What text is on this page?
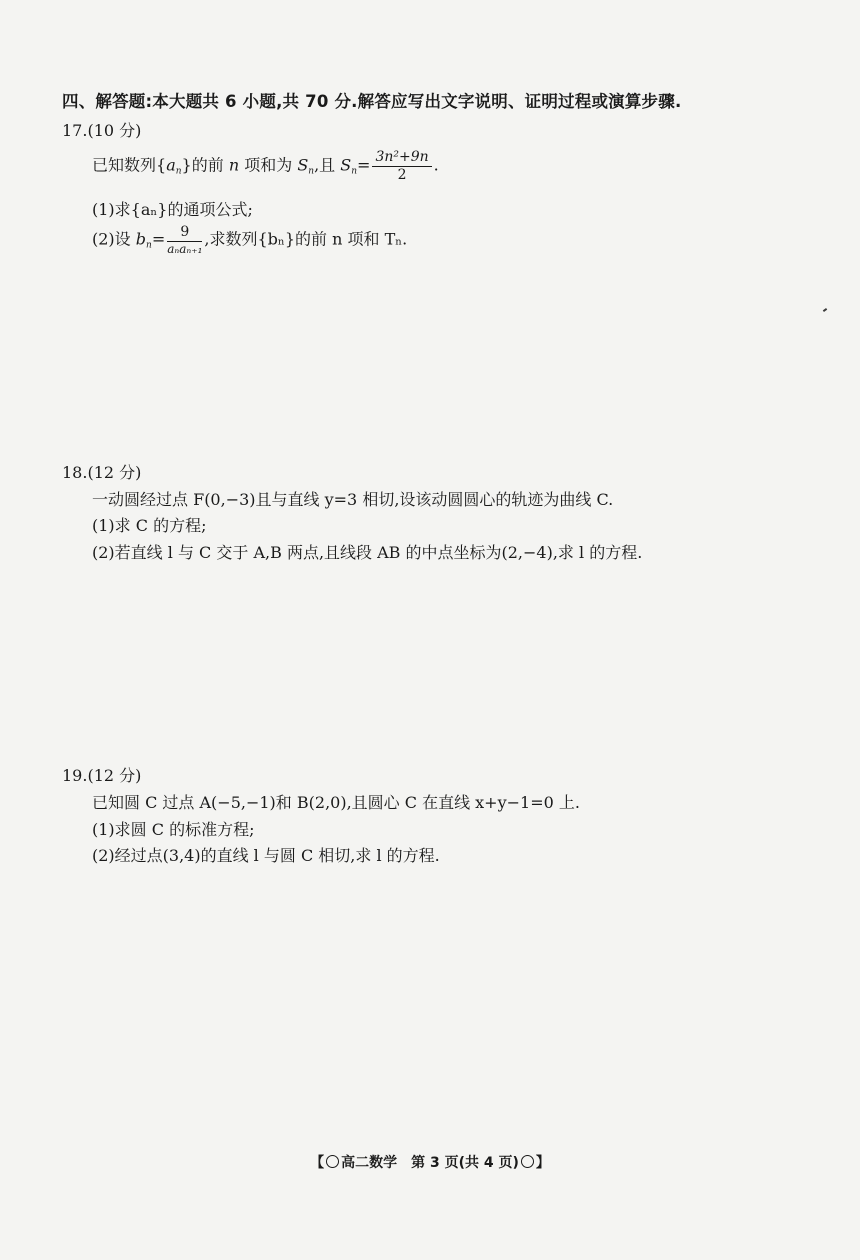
四、解答题:本大题共 6 小题,共 70 分.解答应写出文字说明、证明过程或演算步骤.
17.(10 分)
已知数列$\{a_n\}$的前 n 项和为 $S_n$,且 $S_n= \frac{\text{3n²+9n}}{2}$ .
(1)求{aₙ}的通项公式;
(2)设 $b_n= \frac{9}{\text{aₙaₙ₊₁}}$ ,求数列{bₙ}的前 n 项和 Tₙ.
18.(12 分)
一动圆经过点 F(0,−3)且与直线 y=3 相切,设该动圆圆心的轨迹为曲线 C.
(1)求 C 的方程;
(2)若直线 l 与 C 交于 A,B 两点,且线段 AB 的中点坐标为(2,−4),求 l 的方程.
19.(12 分)
已知圆 C 过点 A(−5,−1)和 B(2,0),且圆心 C 在直线 x+y−1=0 上.
(1)求圆 C 的标准方程;
(2)经过点(3,4)的直线 l 与圆 C 相切,求 l 的方程.
【 高二数学　第 3 页(共 4 页) 】
